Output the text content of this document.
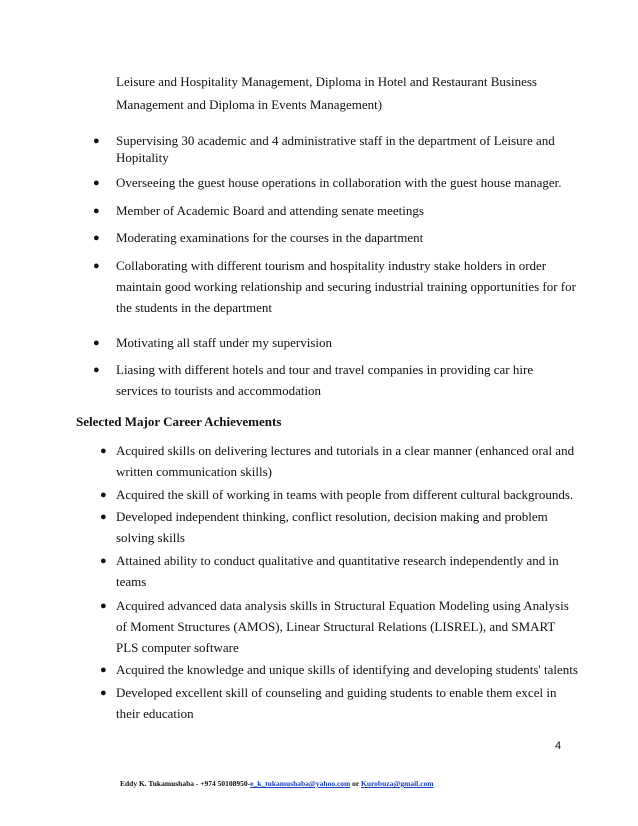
Leisure and Hospitality Management, Diploma in Hotel and Restaurant Business
Management and Diploma in Events Management)
● Supervising 30 academic and 4 administrative staff in the department of Leisure and
Hopitality
● Overseeing the guest house operations in collaboration with the guest house manager.
● Member of Academic Board and attending senate meetings
● Moderating examinations for the courses in the dapartment
● Collaborating with different tourism and hospitality industry stake holders in order
maintain good working relationship and securing industrial training opportunities for for
the students in the department
● Motivating all staff under my supervision
● Liasing with different hotels and tour and travel companies in providing car hire
services to tourists and accommodation
Selected Major Career Achievements
● Acquired skills on delivering lectures and tutorials in a clear manner (enhanced oral and
written communication skills)
● Acquired the skill of working in teams with people from different cultural backgrounds.
● Developed independent thinking, conflict resolution, decision making and problem
solving skills
● Attained ability to conduct qualitative and quantitative research independently and in
teams
● Acquired advanced data analysis skills in Structural Equation Modeling using Analysis
of Moment Structures (AMOS), Linear Structural Relations (LISREL), and SMART
PLS computer software
● Acquired the knowledge and unique skills of identifying and developing students' talents
● Developed excellent skill of counseling and guiding students to enable them excel in
their education
4
Eddy K. Tukamushaba - +974 50108950-e_k_tukamushaba@yahoo.com or Kurobuza@gmail.com
